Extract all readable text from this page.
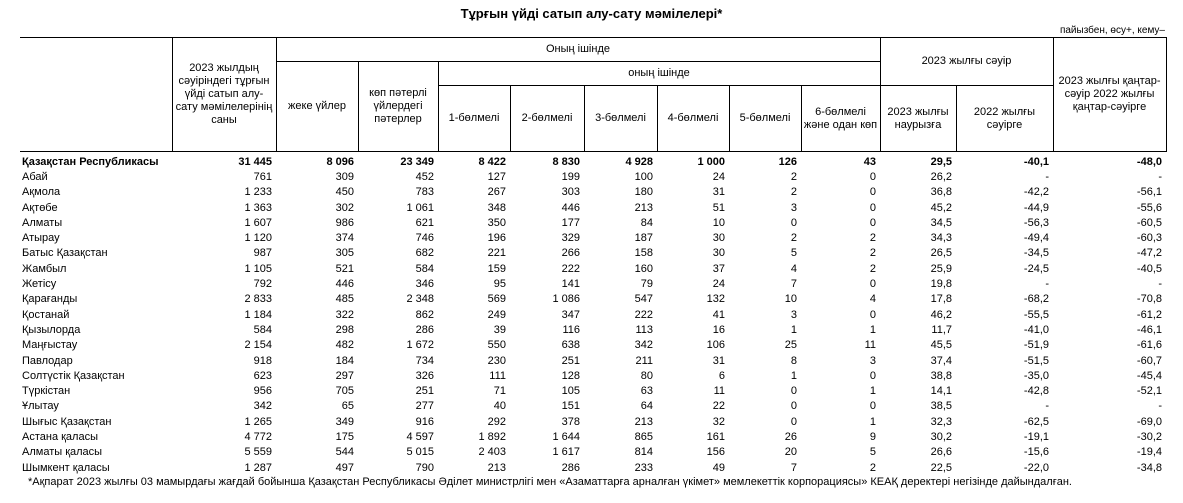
Тұрғын үйді сатып алу-сату мәмілелері*
пайызбен, өсу+, кему–
	2023 жылдың сәуіріндегі тұрғын үйді сатып алу-сату мәмілелерінің саны	Оның ішінде								2023 жылғы сәуір		2023 жылғы қаңтар-сәуір 2022 жылғы қаңтар-сәуірге
		жеке үйлер	көп пәтерлі үйлердегі пәтерлер	оның ішінде								
				1-бөлмелі	2-бөлмелі	3-бөлмелі	4-бөлмелі	5-бөлмелі	6-бөлмелі және одан көп	2023 жылғы наурызға	2022 жылғы сәуірге	
Қазақстан Республикасы	31 445	8 096	23 349	8 422	8 830	4 928	1 000	126	43	29,5	-40,1	-48,0
Абай	761	309	452	127	199	100	24	2	0	26,2	-	-
Ақмола	1 233	450	783	267	303	180	31	2	0	36,8	-42,2	-56,1
Ақтөбе	1 363	302	1 061	348	446	213	51	3	0	45,2	-44,9	-55,6
Алматы	1 607	986	621	350	177	84	10	0	0	34,5	-56,3	-60,5
Атырау	1 120	374	746	196	329	187	30	2	2	34,3	-49,4	-60,3
Батыс Қазақстан	987	305	682	221	266	158	30	5	2	26,5	-34,5	-47,2
Жамбыл	1 105	521	584	159	222	160	37	4	2	25,9	-24,5	-40,5
Жетісу	792	446	346	95	141	79	24	7	0	19,8	-	-
Қарағанды	2 833	485	2 348	569	1 086	547	132	10	4	17,8	-68,2	-70,8
Қостанай	1 184	322	862	249	347	222	41	3	0	46,2	-55,5	-61,2
Қызылорда	584	298	286	39	116	113	16	1	1	11,7	-41,0	-46,1
Маңғыстау	2 154	482	1 672	550	638	342	106	25	11	45,5	-51,9	-61,6
Павлодар	918	184	734	230	251	211	31	8	3	37,4	-51,5	-60,7
Солтүстік Қазақстан	623	297	326	111	128	80	6	1	0	38,8	-35,0	-45,4
Түркістан	956	705	251	71	105	63	11	0	1	14,1	-42,8	-52,1
Ұлытау	342	65	277	40	151	64	22	0	0	38,5	-	-
Шығыс Қазақстан	1 265	349	916	292	378	213	32	0	1	32,3	-62,5	-69,0
Астана қаласы	4 772	175	4 597	1 892	1 644	865	161	26	9	30,2	-19,1	-30,2
Алматы қаласы	5 559	544	5 015	2 403	1 617	814	156	20	5	26,6	-15,6	-19,4
Шымкент қаласы	1 287	497	790	213	286	233	49	7	2	22,5	-22,0	-34,8
*Ақпарат 2023 жылғы 03 мамырдағы жағдай бойынша Қазақстан Республикасы Әділет министрлігі мен «Азаматтарға арналған үкімет» мемлекеттік корпорациясы» КЕАҚ деректері негізінде дайындалған.
